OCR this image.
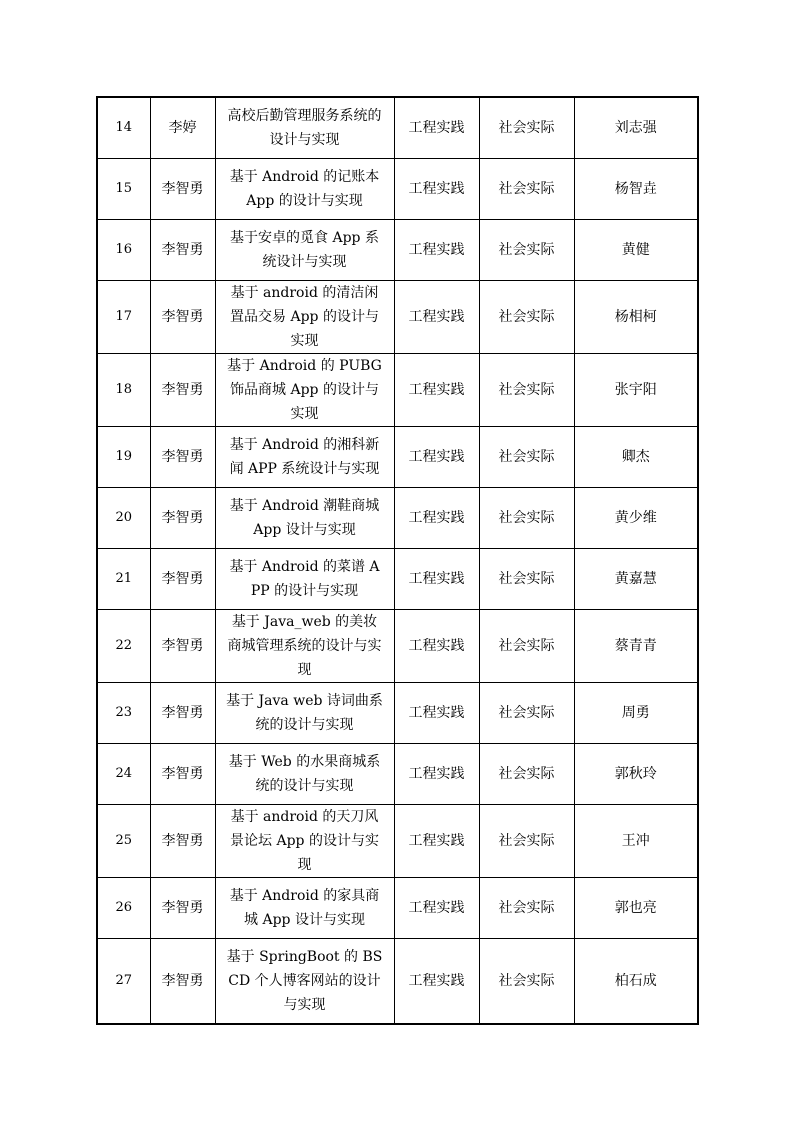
14	李婷	高校后勤管理服务系统的设计与实现	工程实践	社会实际	刘志强
15	李智勇	基于 Android 的记账本 App 的设计与实现	工程实践	社会实际	杨智垚
16	李智勇	基于安卓的觅食 App 系统设计与实现	工程实践	社会实际	黄健
17	李智勇	基于 android 的清洁闲置品交易 App 的设计与实现	工程实践	社会实际	杨相柯
18	李智勇	基于 Android 的 PUBG 饰品商城 App 的设计与实现	工程实践	社会实际	张宇阳
19	李智勇	基于 Android 的湘科新闻 APP 系统设计与实现	工程实践	社会实际	卿杰
20	李智勇	基于 Android 潮鞋商城 App 设计与实现	工程实践	社会实际	黄少维
21	李智勇	基于 Android 的菜谱 APP 的设计与实现	工程实践	社会实际	黄嘉慧
22	李智勇	基于 Java_web 的美妆商城管理系统的设计与实现	工程实践	社会实际	蔡青青
23	李智勇	基于 Java web 诗词曲系统的设计与实现	工程实践	社会实际	周勇
24	李智勇	基于 Web 的水果商城系统的设计与实现	工程实践	社会实际	郭秋玲
25	李智勇	基于 android 的天刀风景论坛 App 的设计与实现	工程实践	社会实际	王冲
26	李智勇	基于 Android 的家具商城 App 设计与实现	工程实践	社会实际	郭也亮
27	李智勇	基于 SpringBoot 的 BSCD 个人博客网站的设计与实现	工程实践	社会实际	柏石成
